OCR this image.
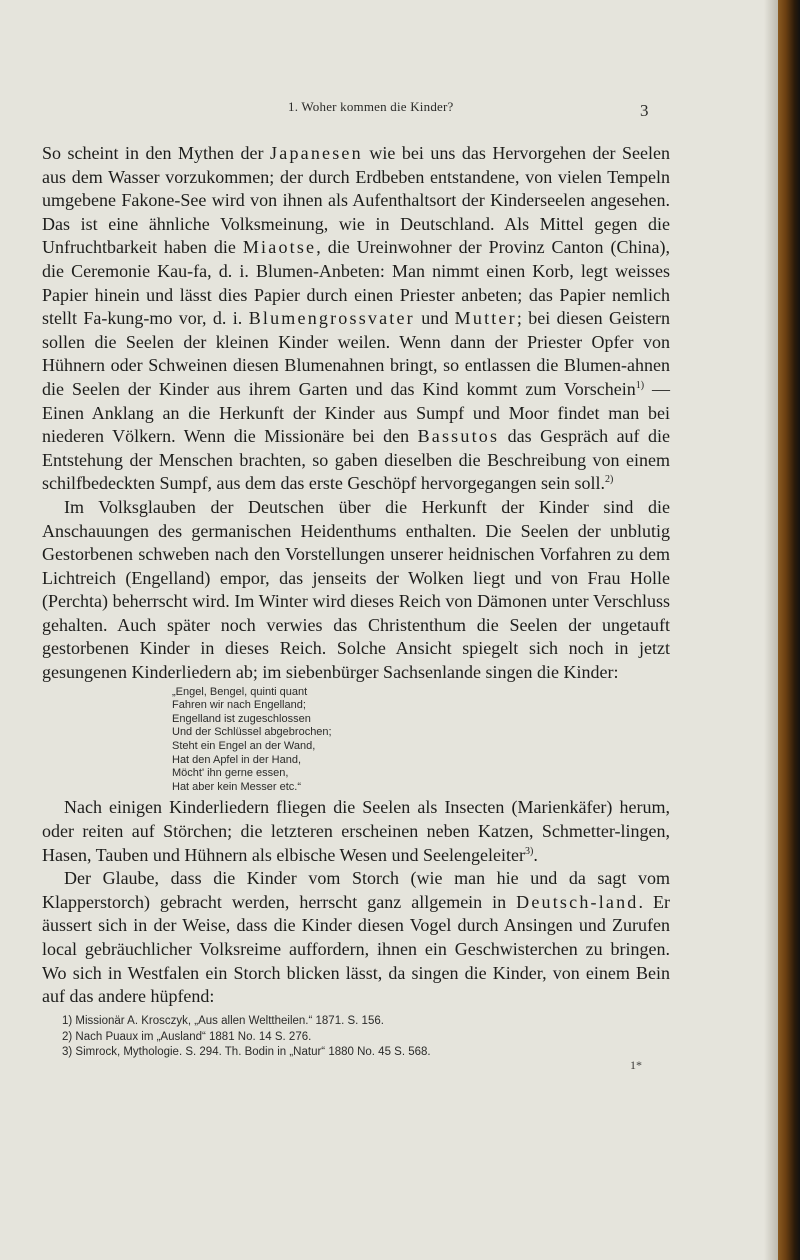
1. Woher kommen die Kinder?	3

So scheint in den Mythen der Japanesen wie bei uns das Hervorgehen der Seelen aus dem Wasser vorzukommen; der durch Erdbeben entstandene, von vielen Tempeln umgebene Fakone-See wird von ihnen als Aufenthaltsort der Kinderseelen angesehen. Das ist eine ähnliche Volksmeinung, wie in Deutschland. Als Mittel gegen die Unfruchtbarkeit haben die Miaotse, die Ureinwohner der Provinz Canton (China), die Ceremonie Kau-fa, d. i. Blumen-Anbeten: Man nimmt einen Korb, legt weisses Papier hinein und lässt dies Papier durch einen Priester anbeten; das Papier nemlich stellt Fa-kung-mo vor, d. i. Blumengrossvater und Mutter; bei diesen Geistern sollen die Seelen der kleinen Kinder weilen. Wenn dann der Priester Opfer von Hühnern oder Schweinen diesen Blumenahnen bringt, so entlassen die Blumen-ahnen die Seelen der Kinder aus ihrem Garten und das Kind kommt zum Vorschein$^{1)}$ — Einen Anklang an die Herkunft der Kinder aus Sumpf und Moor findet man bei niederen Völkern. Wenn die Missionäre bei den Bassutos das Gespräch auf die Entstehung der Menschen brachten, so gaben dieselben die Beschreibung von einem schilfbedeckten Sumpf, aus dem das erste Geschöpf hervorgegangen sein soll.$^{2)}$

Im Volksglauben der Deutschen über die Herkunft der Kinder sind die Anschauungen des germanischen Heidenthums enthalten. Die Seelen der unblutig Gestorbenen schweben nach den Vorstellungen unserer heidnischen Vorfahren zu dem Lichtreich (Engelland) empor, das jenseits der Wolken liegt und von Frau Holle (Perchta) beherrscht wird. Im Winter wird dieses Reich von Dämonen unter Verschluss gehalten. Auch später noch verwies das Christenthum die Seelen der ungetauft gestorbenen Kinder in dieses Reich. Solche Ansicht spiegelt sich noch in jetzt gesungenen Kinderliedern ab; im siebenbürger Sachsenlande singen die Kinder:

„Engel, Bengel, quinti quant
Fahren wir nach Engelland;
Engelland ist zugeschlossen
Und der Schlüssel abgebrochen;
Steht ein Engel an der Wand,
Hat den Apfel in der Hand,
Möcht' ihn gerne essen,
Hat aber kein Messer etc.“

Nach einigen Kinderliedern fliegen die Seelen als Insecten (Marienkäfer) herum, oder reiten auf Störchen; die letzteren erscheinen neben Katzen, Schmetter-lingen, Hasen, Tauben und Hühnern als elbische Wesen und Seelengeleiter$^{3)}$.

Der Glaube, dass die Kinder vom Storch (wie man hie und da sagt vom Klapperstorch) gebracht werden, herrscht ganz allgemein in Deutsch-land. Er äussert sich in der Weise, dass die Kinder diesen Vogel durch Ansingen und Zurufen local gebräuchlicher Volksreime auffordern, ihnen ein Geschwisterchen zu bringen. Wo sich in Westfalen ein Storch blicken lässt, da singen die Kinder, von einem Bein auf das andere hüpfend:

1) Missionär A. Krosczyk, „Aus allen Welttheilen.“ 1871. S. 156.
2) Nach Puaux im „Ausland“ 1881 No. 14 S. 276.
3) Simrock, Mythologie. S. 294. Th. Bodin in „Natur“ 1880 No. 45 S. 568.
1*
